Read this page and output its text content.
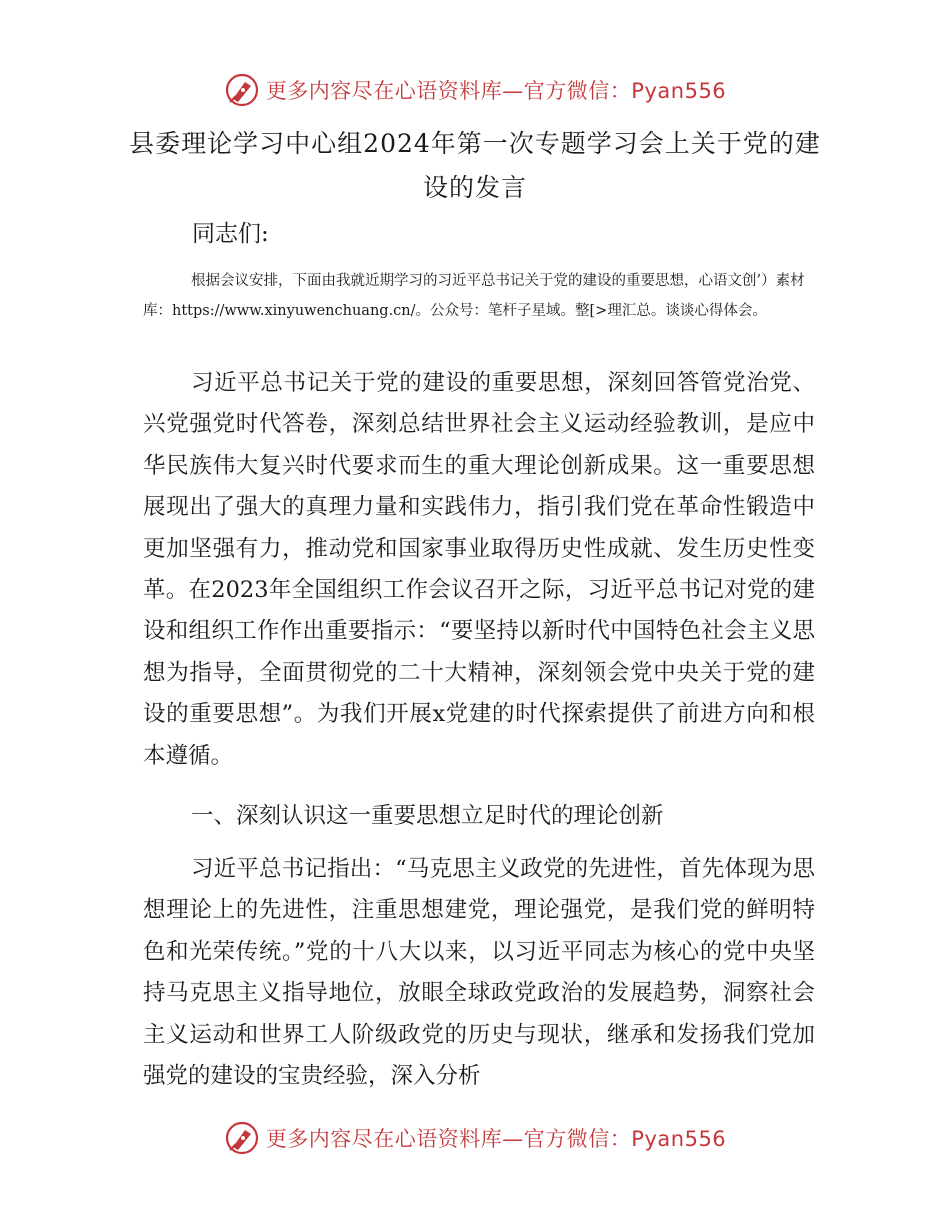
更多内容尽在心语资料库—官方微信：Pyan556
县委理论学习中心组2024年第一次专题学习会上关于党的建设的发言
同志们:
根据会议安排，下面由我就近期学习的习近平总书记关于党的建设的重要思想，心语文创’）素材库：https://www.xinyuwenchuang.cn/。公众号：笔杆子星域。整[>理汇总。谈谈心得体会。

习近平总书记关于党的建设的重要思想，深刻回答管党治党、兴党强党时代答卷，深刻总结世界社会主义运动经验教训，是应中华民族伟大复兴时代要求而生的重大理论创新成果。这一重要思想展现出了强大的真理力量和实践伟力，指引我们党在革命性锻造中更加坚强有力，推动党和国家事业取得历史性成就、发生历史性变革。在2023年全国组织工作会议召开之际，习近平总书记对党的建设和组织工作作出重要指示：“要坚持以新时代中国特色社会主义思想为指导，全面贯彻党的二十大精神，深刻领会党中央关于党的建设的重要思想”。为我们开展x党建的时代探索提供了前进方向和根本遵循。

一、深刻认识这一重要思想立足时代的理论创新

习近平总书记指出：“马克思主义政党的先进性，首先体现为思想理论上的先进性，注重思想建党，理论强党，是我们党的鲜明特色和光荣传统。”党的十八大以来，以习近平同志为核心的党中央坚持马克思主义指导地位，放眼全球政党政治的发展趋势，洞察社会主义运动和世界工人阶级政党的历史与现状，继承和发扬我们党加强党的建设的宝贵经验，深入分析

更多内容尽在心语资料库—官方微信：Pyan556
